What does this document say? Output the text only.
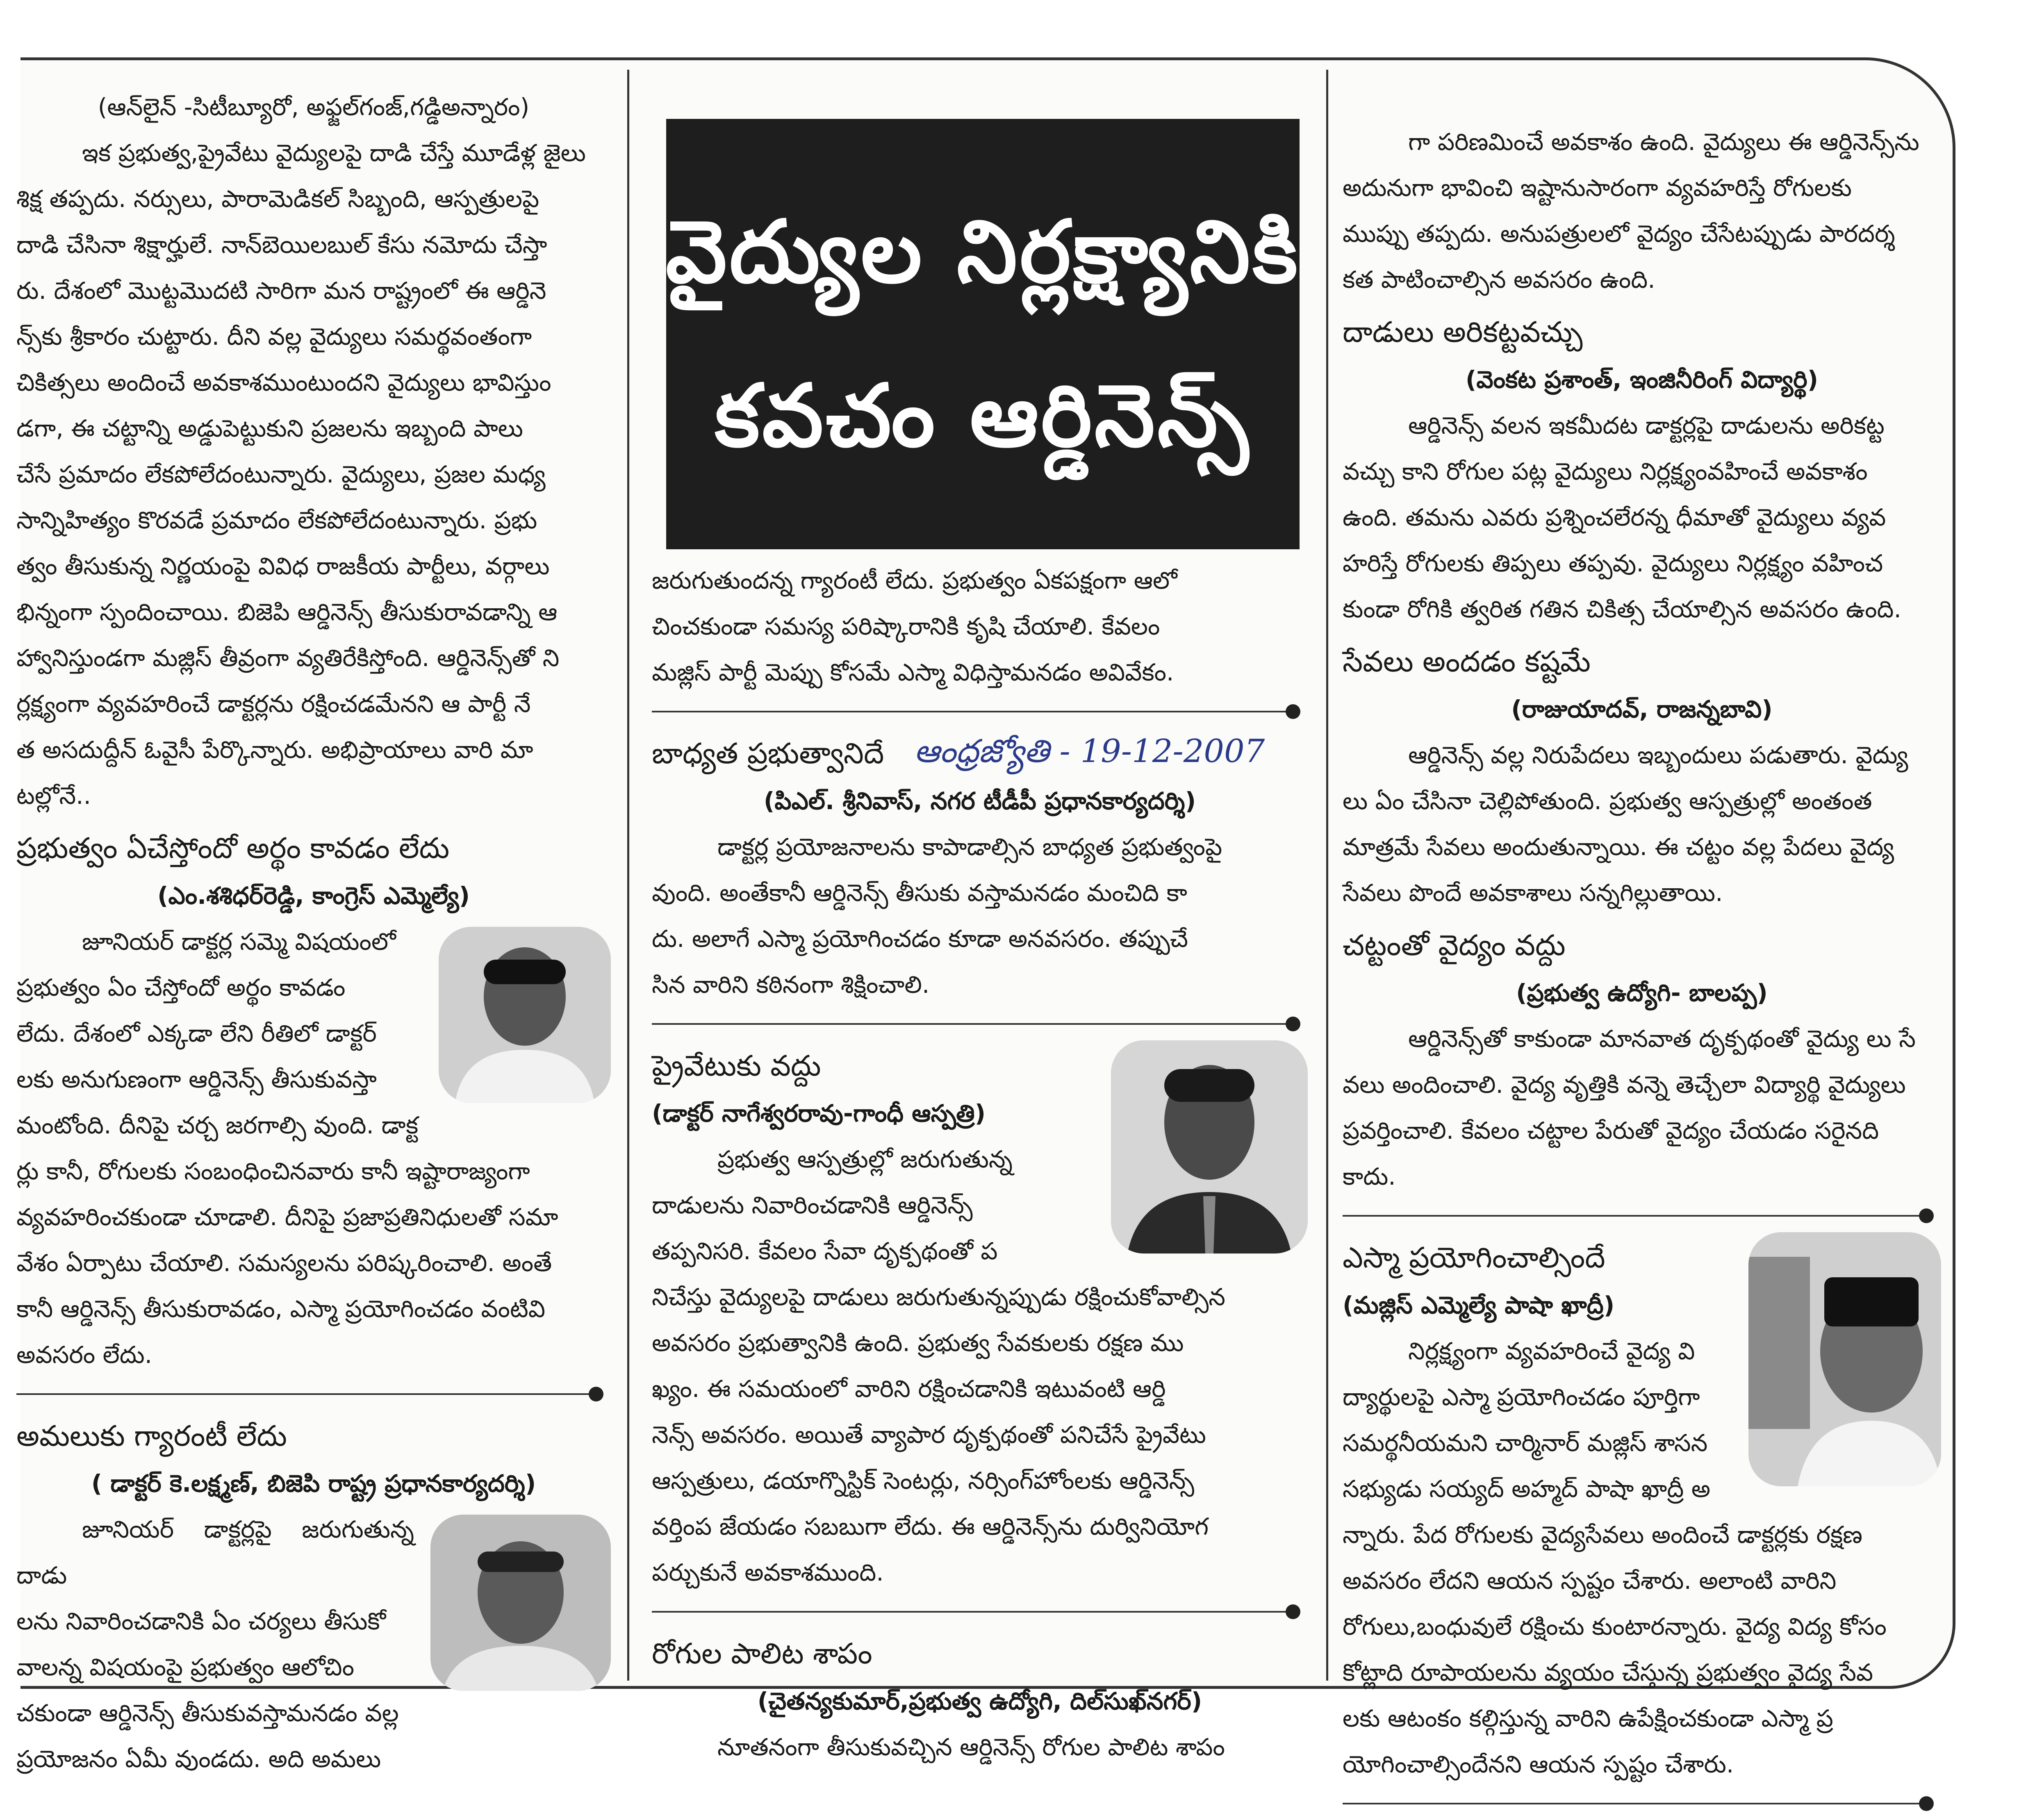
వైద్యుల నిర్లక్ష్యానికి
కవచం ఆర్డినెన్స్
(ఆన్‌లైన్ -సిటీబ్యూరో, అఫ్జల్‌గంజ్,గడ్డిఅన్నారం)

ఇక ప్రభుత్వ,ప్రైవేటు వైద్యులపై దాడి చేస్తే మూడేళ్ల జైలు

శిక్ష తప్పదు. నర్సులు, పారామెడికల్ సిబ్బంది, ఆస్పత్రులపై

దాడి చేసినా శిక్షార్హులే. నాన్‌బెయిలబుల్ కేసు నమోదు చేస్తా

రు. దేశంలో మొట్టమొదటి సారిగా మన రాష్ట్రంలో ఈ ఆర్డినె

న్స్‌కు శ్రీకారం చుట్టారు. దీని వల్ల వైద్యులు సమర్థవంతంగా

చికిత్సలు అందించే అవకాశముంటుందని వైద్యులు భావిస్తుం

డగా, ఈ చట్టాన్ని అడ్డుపెట్టుకుని ప్రజలను ఇబ్బంది పాలు

చేసే ప్రమాదం లేకపోలేదంటున్నారు. వైద్యులు, ప్రజల మధ్య

సాన్నిహిత్యం కొరవడే ప్రమాదం లేకపోలేదంటున్నారు. ప్రభు

త్వం తీసుకున్న నిర్ణయంపై వివిధ రాజకీయ పార్టీలు, వర్గాలు

భిన్నంగా స్పందించాయి. బిజెపి ఆర్డినెన్స్ తీసుకురావడాన్ని ఆ

హ్వానిస్తుండగా మజ్లిస్ తీవ్రంగా వ్యతిరేకిస్తోంది. ఆర్డినెన్స్‌తో ని

ర్లక్ష్యంగా వ్యవహరించే డాక్టర్లను రక్షించడమేనని ఆ పార్టీ నే

త అసదుద్దీన్ ఓవైసీ పేర్కొన్నారు. అభిప్రాయాలు వారి మా

టల్లోనే..

ప్రభుత్వం ఏచేస్తోందో అర్థం కావడం లేదు
(ఎం.శశిధర్‌రెడ్డి, కాంగ్రెస్ ఎమ్మెల్యే)

జూనియర్ డాక్టర్ల సమ్మె విషయంలో

ప్రభుత్వం ఏం చేస్తోందో అర్థం కావడం

లేదు. దేశంలో ఎక్కడా లేని రీతిలో డాక్టర్

లకు అనుగుణంగా ఆర్డినెన్స్ తీసుకువస్తా

మంటోంది. దీనిపై చర్చ జరగాల్సి వుంది. డాక్ట

ర్లు కానీ, రోగులకు సంబంధించినవారు కానీ ఇష్టారాజ్యంగా

వ్యవహరించకుండా చూడాలి. దీనిపై ప్రజాప్రతినిధులతో సమా

వేశం ఏర్పాటు చేయాలి. సమస్యలను పరిష్కరించాలి. అంతే

కానీ ఆర్డినెన్స్ తీసుకురావడం, ఎస్మా ప్రయోగించడం వంటివి

అవసరం లేదు.

అమలుకు గ్యారంటీ లేదు
( డాక్టర్ కె.లక్ష్మణ్, బిజెపి రాష్ట్ర ప్రధానకార్యదర్శి)

జూనియర్ డాక్టర్లపై జరుగుతున్న దాడు

లను నివారించడానికి ఏం చర్యలు తీసుకో

వాలన్న విషయంపై ప్రభుత్వం ఆలోచిం

చకుండా ఆర్డినెన్స్ తీసుకువస్తామనడం వల్ల

ప్రయోజనం ఏమీ వుండదు. అది అమలు

జరుగుతుందన్న గ్యారంటీ లేదు. ప్రభుత్వం ఏకపక్షంగా ఆలో

చించకుండా సమస్య పరిష్కారానికి కృషి చేయాలి. కేవలం

మజ్లిస్ పార్టీ మెప్పు కోసమే ఎస్మా విధిస్తామనడం అవివేకం.

బాధ్యత ప్రభుత్వానిదే ఆంధ్రజ్యోతి - 19-12-2007
(పిఎల్. శ్రీనివాస్, నగర టీడీపీ ప్రధానకార్యదర్శి)

డాక్టర్ల ప్రయోజనాలను కాపాడాల్సిన బాధ్యత ప్రభుత్వంపై

వుంది. అంతేకానీ ఆర్డినెన్స్ తీసుకు వస్తామనడం మంచిది కా

దు. అలాగే ఎస్మా ప్రయోగించడం కూడా అనవసరం. తప్పుచే

సిన వారిని కఠినంగా శిక్షించాలి.

ప్రైవేటుకు వద్దు
(డాక్టర్ నాగేశ్వరరావు-గాంధీ ఆస్పత్రి)

ప్రభుత్వ ఆస్పత్రుల్లో జరుగుతున్న

దాడులను నివారించడానికి ఆర్డినెన్స్

తప్పనిసరి. కేవలం సేవా దృక్పథంతో ప

నిచేస్తు వైద్యులపై దాడులు జరుగుతున్నప్పుడు రక్షించుకోవాల్సిన

అవసరం ప్రభుత్వానికి ఉంది. ప్రభుత్వ సేవకులకు రక్షణ ము

ఖ్యం. ఈ సమయంలో వారిని రక్షించడానికి ఇటువంటి ఆర్డి

నెన్స్ అవసరం. అయితే వ్యాపార దృక్పథంతో పనిచేసే ప్రైవేటు

ఆస్పత్రులు, డయాగ్నొస్టిక్ సెంటర్లు, నర్సింగ్‌హోంలకు ఆర్డినెన్స్

వర్తింప జేయడం సబబుగా లేదు. ఈ ఆర్డినెన్స్‌ను దుర్వినియోగ

పర్చుకునే అవకాశముంది.

రోగుల పాలిట శాపం
(చైతన్యకుమార్,ప్రభుత్వ ఉద్యోగి, దిల్‌సుఖ్‌నగర్)

నూతనంగా తీసుకువచ్చిన ఆర్డినెన్స్ రోగుల పాలిట శాపం

గా పరిణమించే అవకాశం ఉంది. వైద్యులు ఈ ఆర్డినెన్స్‌ను

అదునుగా భావించి ఇష్టానుసారంగా వ్యవహరిస్తే రోగులకు

ముప్పు తప్పదు. అనుపత్రులలో వైద్యం చేసేటప్పుడు పారదర్శ

కత పాటించాల్సిన అవసరం ఉంది.

దాడులు అరికట్టవచ్చు
(వెంకట ప్రశాంత్, ఇంజినీరింగ్ విద్యార్థి)

ఆర్డినెన్స్ వలన ఇకమీదట డాక్టర్లపై దాడులను అరికట్ట

వచ్చు కాని రోగుల పట్ల వైద్యులు నిర్లక్ష్యంవహించే అవకాశం

ఉంది. తమను ఎవరు ప్రశ్నించలేరన్న ధీమాతో వైద్యులు వ్యవ

హరిస్తే రోగులకు తిప్పలు తప్పవు. వైద్యులు నిర్లక్ష్యం వహించ

కుండా రోగికి త్వరిత గతిన చికిత్స చేయాల్సిన అవసరం ఉంది.

సేవలు అందడం కష్టమే
(రాజుయాదవ్, రాజన్నబావి)

ఆర్డినెన్స్ వల్ల నిరుపేదలు ఇబ్బందులు పడుతారు. వైద్యు

లు ఏం చేసినా చెల్లిపోతుంది. ప్రభుత్వ ఆస్పత్రుల్లో అంతంత

మాత్రమే సేవలు అందుతున్నాయి. ఈ చట్టం వల్ల పేదలు వైద్య

సేవలు పొందే అవకాశాలు సన్నగిల్లుతాయి.

చట్టంతో వైద్యం వద్దు
(ప్రభుత్వ ఉద్యోగి- బాలప్ప)

ఆర్డినెన్స్‌తో కాకుండా మానవాత దృక్పథంతో వైద్యు లు సే

వలు అందించాలి. వైద్య వృత్తికి వన్నె తెచ్చేలా విద్యార్థి వైద్యులు

ప్రవర్తించాలి. కేవలం చట్టాల పేరుతో వైద్యం చేయడం సరైనది

కాదు.

ఎస్మా ప్రయోగించాల్సిందే
(మజ్లిస్ ఎమ్మెల్యే పాషా ఖాద్రీ)

నిర్లక్ష్యంగా వ్యవహరించే వైద్య వి

ద్యార్థులపై ఎస్మా ప్రయోగించడం పూర్తిగా

సమర్థనీయమని చార్మినార్ మజ్లిస్ శాసన

సభ్యుడు సయ్యద్ అహ్మద్ పాషా ఖాద్రీ అ

న్నారు. పేద రోగులకు వైద్యసేవలు అందించే డాక్టర్లకు రక్షణ

అవసరం లేదని ఆయన స్పష్టం చేశారు. అలాంటి వారిని

రోగులు,బంధువులే రక్షించు కుంటారన్నారు. వైద్య విద్య కోసం

కోట్లాది రూపాయలను వ్యయం చేస్తున్న ప్రభుత్వం వైద్య సేవ

లకు ఆటంకం కల్గిస్తున్న వారిని ఉపేక్షించకుండా ఎస్మా ప్ర

యోగించాల్సిందేనని ఆయన స్పష్టం చేశారు.
